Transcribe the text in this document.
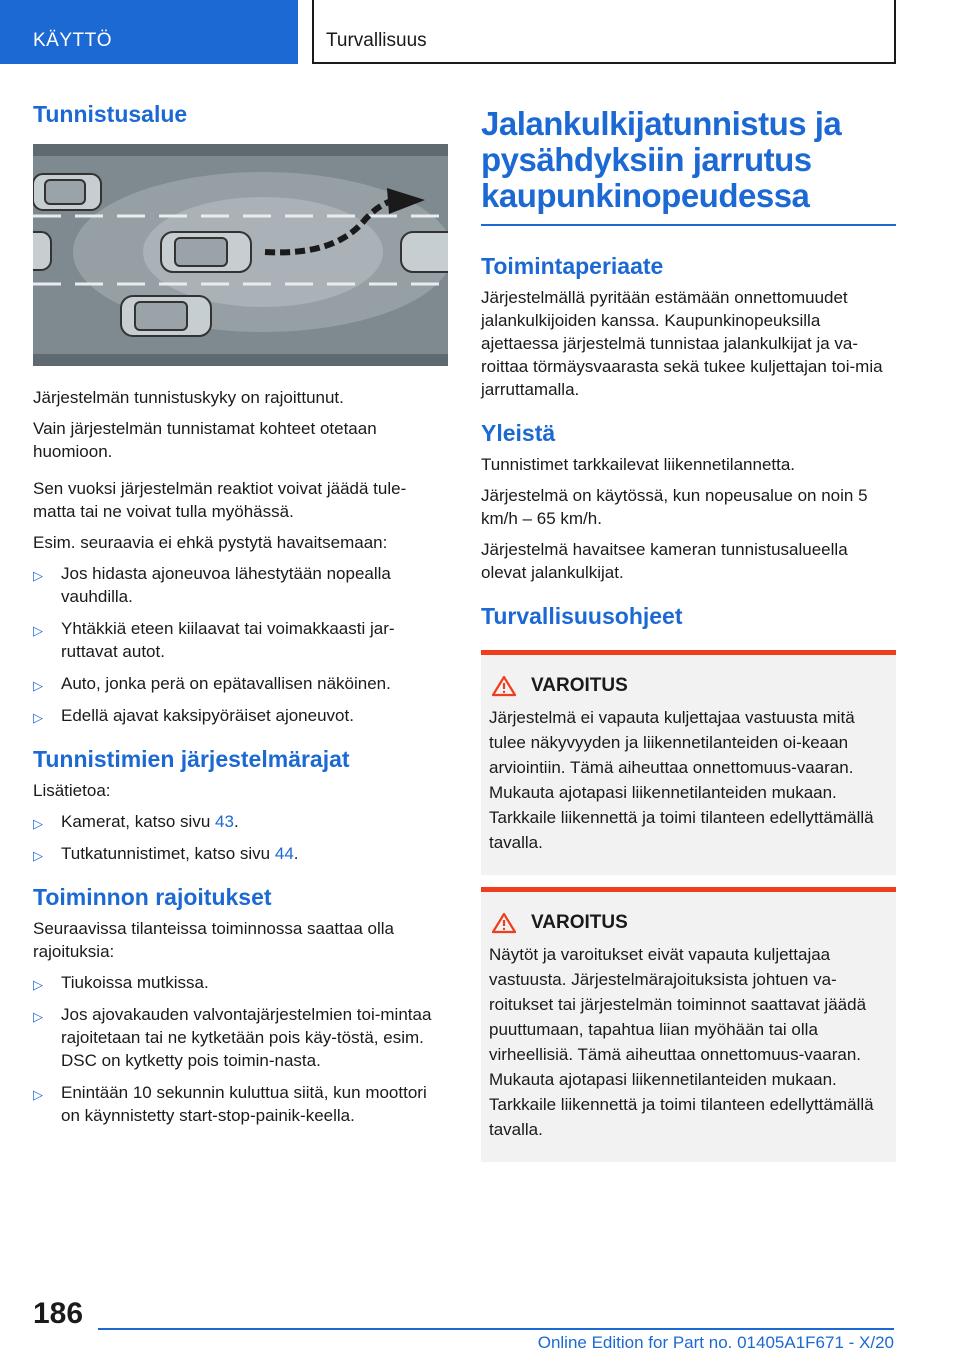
KÄYTTÖ	Turvallisuus
Tunnistusalue

Järjestelmän tunnistuskyky on rajoittunut.

Vain järjestelmän tunnistamat kohteet otetaan huomioon.

Sen vuoksi järjestelmän reaktiot voivat jäädä tule-matta tai ne voivat tulla myöhässä.

Esim. seuraavia ei ehkä pystytä havaitsemaan:

▷ Jos hidasta ajoneuvoa lähestytään nopealla vauhdilla.
▷ Yhtäkkiä eteen kiilaavat tai voimakkaasti jar-ruttavat autot.
▷ Auto, jonka perä on epätavallisen näköinen.
▷ Edellä ajavat kaksipyöräiset ajoneuvot.
Tunnistimien järjestelmärajat

Lisätietoa:

▷ Kamerat, katso sivu 43.
▷ Tutkatunnistimet, katso sivu 44.
Toiminnon rajoitukset

Seuraavissa tilanteissa toiminnossa saattaa olla rajoituksia:

▷ Tiukoissa mutkissa.
▷ Jos ajovakauden valvontajärjestelmien toi-mintaa rajoitetaan tai ne kytketään pois käy-töstä, esim. DSC on kytketty pois toimin-nasta.
▷ Enintään 10 sekunnin kuluttua siitä, kun moottori on käynnistetty start-stop-painik-keella.
Jalankulkijatunnistus ja pysähdyksiin jarrutus kaupunkinopeudessa
Toimintaperiaate

Järjestelmällä pyritään estämään onnettomuudet jalankulkijoiden kanssa. Kaupunkinopeuksilla ajettaessa järjestelmä tunnistaa jalankulkijat ja va-roittaa törmäysvaarasta sekä tukee kuljettajan toi-mia jarruttamalla.

Yleistä

Tunnistimet tarkkailevat liikennetilannetta.

Järjestelmä on käytössä, kun nopeusalue on noin 5 km/h – 65 km/h.

Järjestelmä havaitsee kameran tunnistusalueella olevat jalankulkijat.

Turvallisuusohjeet
VAROITUS

Järjestelmä ei vapauta kuljettajaa vastuusta mitä tulee näkyvyyden ja liikennetilanteiden oi-keaan arviointiin. Tämä aiheuttaa onnettomuus-vaaran. Mukauta ajotapasi liikennetilanteiden mukaan. Tarkkaile liikennettä ja toimi tilanteen edellyttämällä tavalla.

VAROITUS

Näytöt ja varoitukset eivät vapauta kuljettajaa vastuusta. Järjestelmärajoituksista johtuen va-roitukset tai järjestelmän toiminnot saattavat jäädä puuttumaan, tapahtua liian myöhään tai olla virheellisiä. Tämä aiheuttaa onnettomuus-vaaran. Mukauta ajotapasi liikennetilanteiden mukaan. Tarkkaile liikennettä ja toimi tilanteen edellyttämällä tavalla.

186
Online Edition for Part no. 01405A1F671 - X/20
